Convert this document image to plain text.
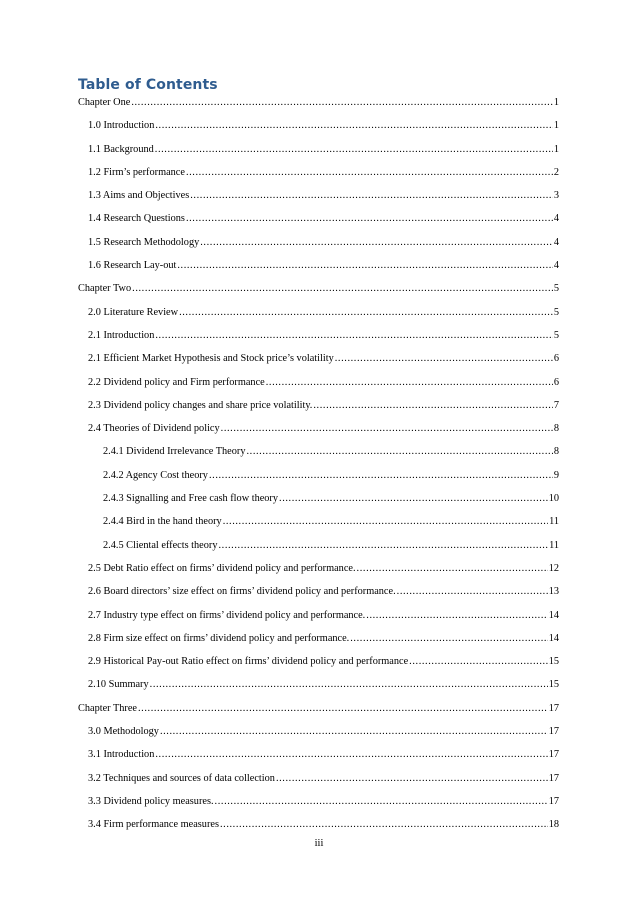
Table of Contents
Chapter One .....	1
1.0 Introduction .....	1
1.1 Background .....	1
1.2 Firm’s performance .....	2
1.3 Aims and Objectives .....	3
1.4 Research Questions .....	4
1.5 Research Methodology .....	4
1.6 Research Lay-out .....	4
Chapter Two .....	5
2.0 Literature Review .....	5
2.1 Introduction .....	5
2.1 Efficient Market Hypothesis and Stock price’s volatility .....	6
2.2 Dividend policy and Firm performance .....	6
2.3 Dividend policy changes and share price volatility. .....	7
2.4 Theories of Dividend policy .....	8
2.4.1 Dividend Irrelevance Theory .....	8
2.4.2 Agency Cost theory .....	9
2.4.3 Signalling and Free cash flow theory .....	10
2.4.4 Bird in the hand theory .....	11
2.4.5 Cliental effects theory .....	11
2.5 Debt Ratio effect on firms’ dividend policy and performance. .....	12
2.6 Board directors’ size effect on firms’ dividend policy and performance. .....	13
2.7 Industry type effect on firms’ dividend policy and performance. .....	14
2.8 Firm size effect on firms’ dividend policy and performance. .....	14
2.9 Historical Pay-out Ratio effect on firms’ dividend policy and performance .....	15
2.10 Summary .....	15
Chapter Three .....	17
3.0 Methodology .....	17
3.1 Introduction .....	17
3.2 Techniques and sources of data collection .....	17
3.3 Dividend policy measures. .....	17
3.4 Firm performance measures .....	18
iii
